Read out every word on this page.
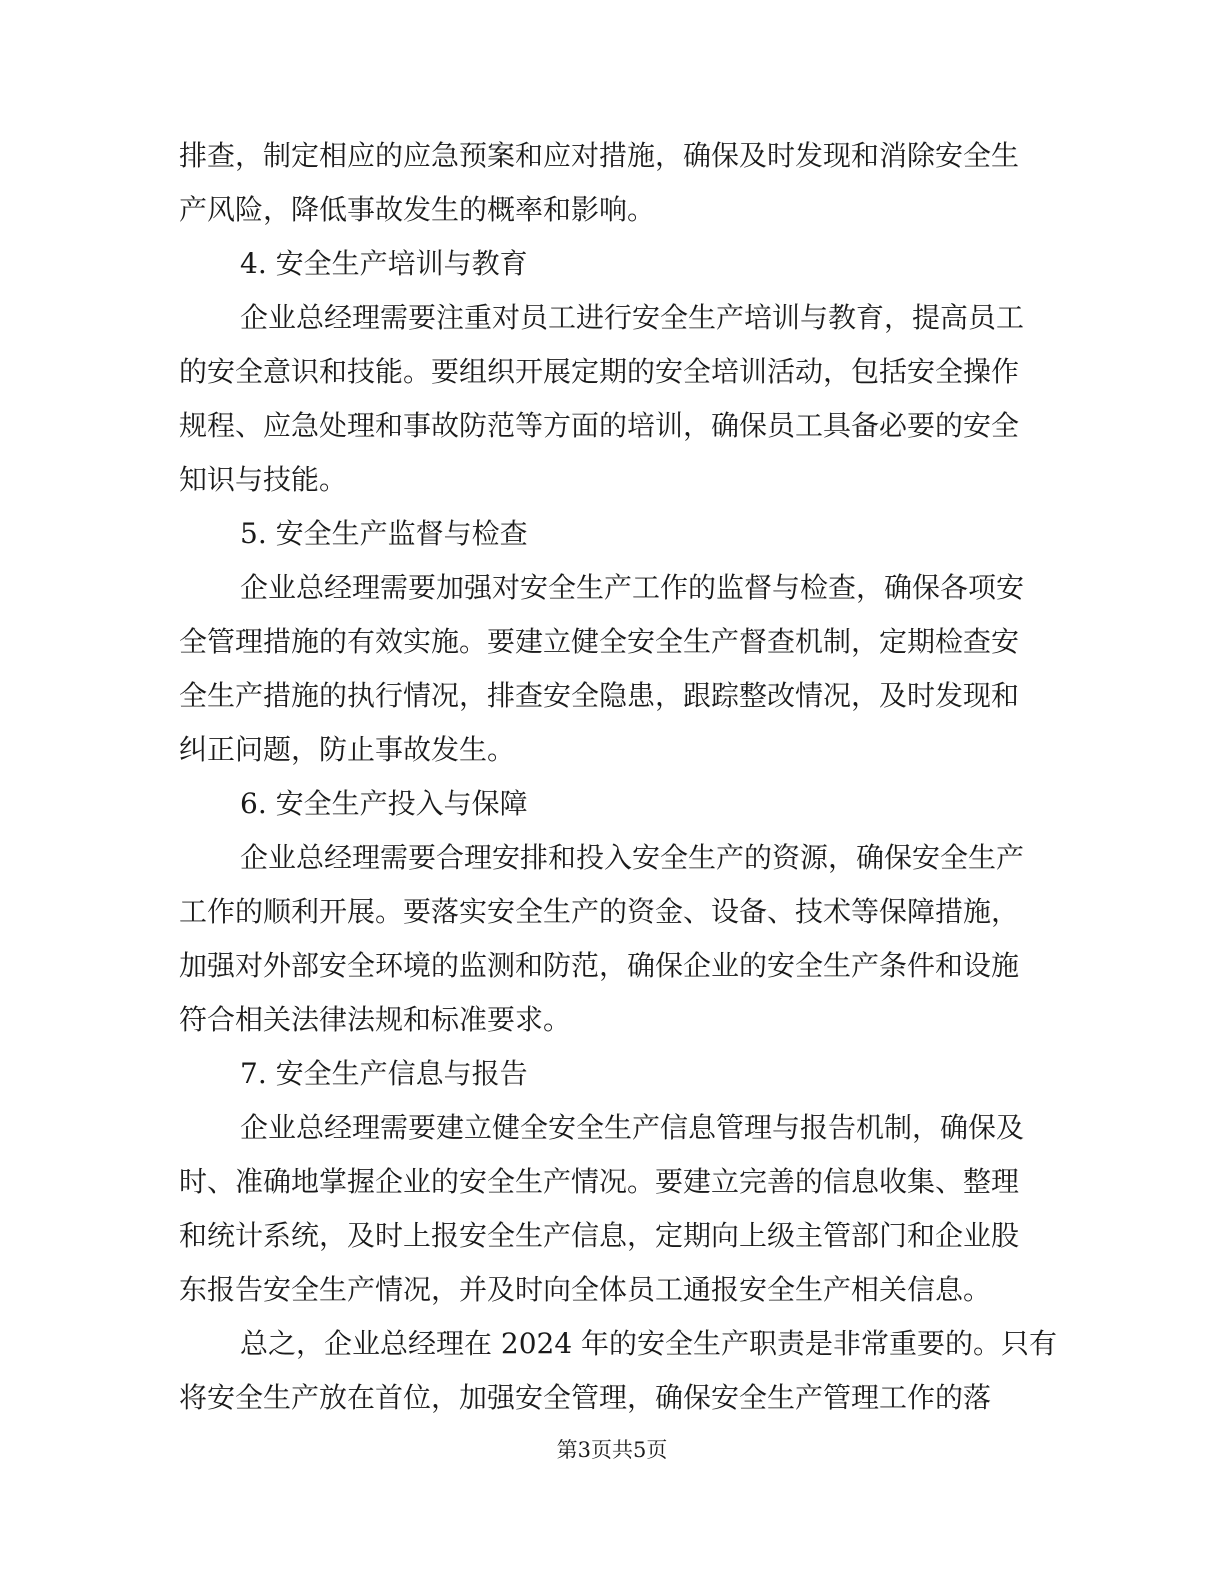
排查，制定相应的应急预案和应对措施，确保及时发现和消除安全生
产风险，降低事故发生的概率和影响。
4. 安全生产培训与教育
企业总经理需要注重对员工进行安全生产培训与教育，提高员工
的安全意识和技能。要组织开展定期的安全培训活动，包括安全操作
规程、应急处理和事故防范等方面的培训，确保员工具备必要的安全
知识与技能。
5. 安全生产监督与检查
企业总经理需要加强对安全生产工作的监督与检查，确保各项安
全管理措施的有效实施。要建立健全安全生产督查机制，定期检查安
全生产措施的执行情况，排查安全隐患，跟踪整改情况，及时发现和
纠正问题，防止事故发生。
6. 安全生产投入与保障
企业总经理需要合理安排和投入安全生产的资源，确保安全生产
工作的顺利开展。要落实安全生产的资金、设备、技术等保障措施，
加强对外部安全环境的监测和防范，确保企业的安全生产条件和设施
符合相关法律法规和标准要求。
7. 安全生产信息与报告
企业总经理需要建立健全安全生产信息管理与报告机制，确保及
时、准确地掌握企业的安全生产情况。要建立完善的信息收集、整理
和统计系统，及时上报安全生产信息，定期向上级主管部门和企业股
东报告安全生产情况，并及时向全体员工通报安全生产相关信息。
总之，企业总经理在 2024 年的安全生产职责是非常重要的。只有
将安全生产放在首位，加强安全管理，确保安全生产管理工作的落
第3页共5页
